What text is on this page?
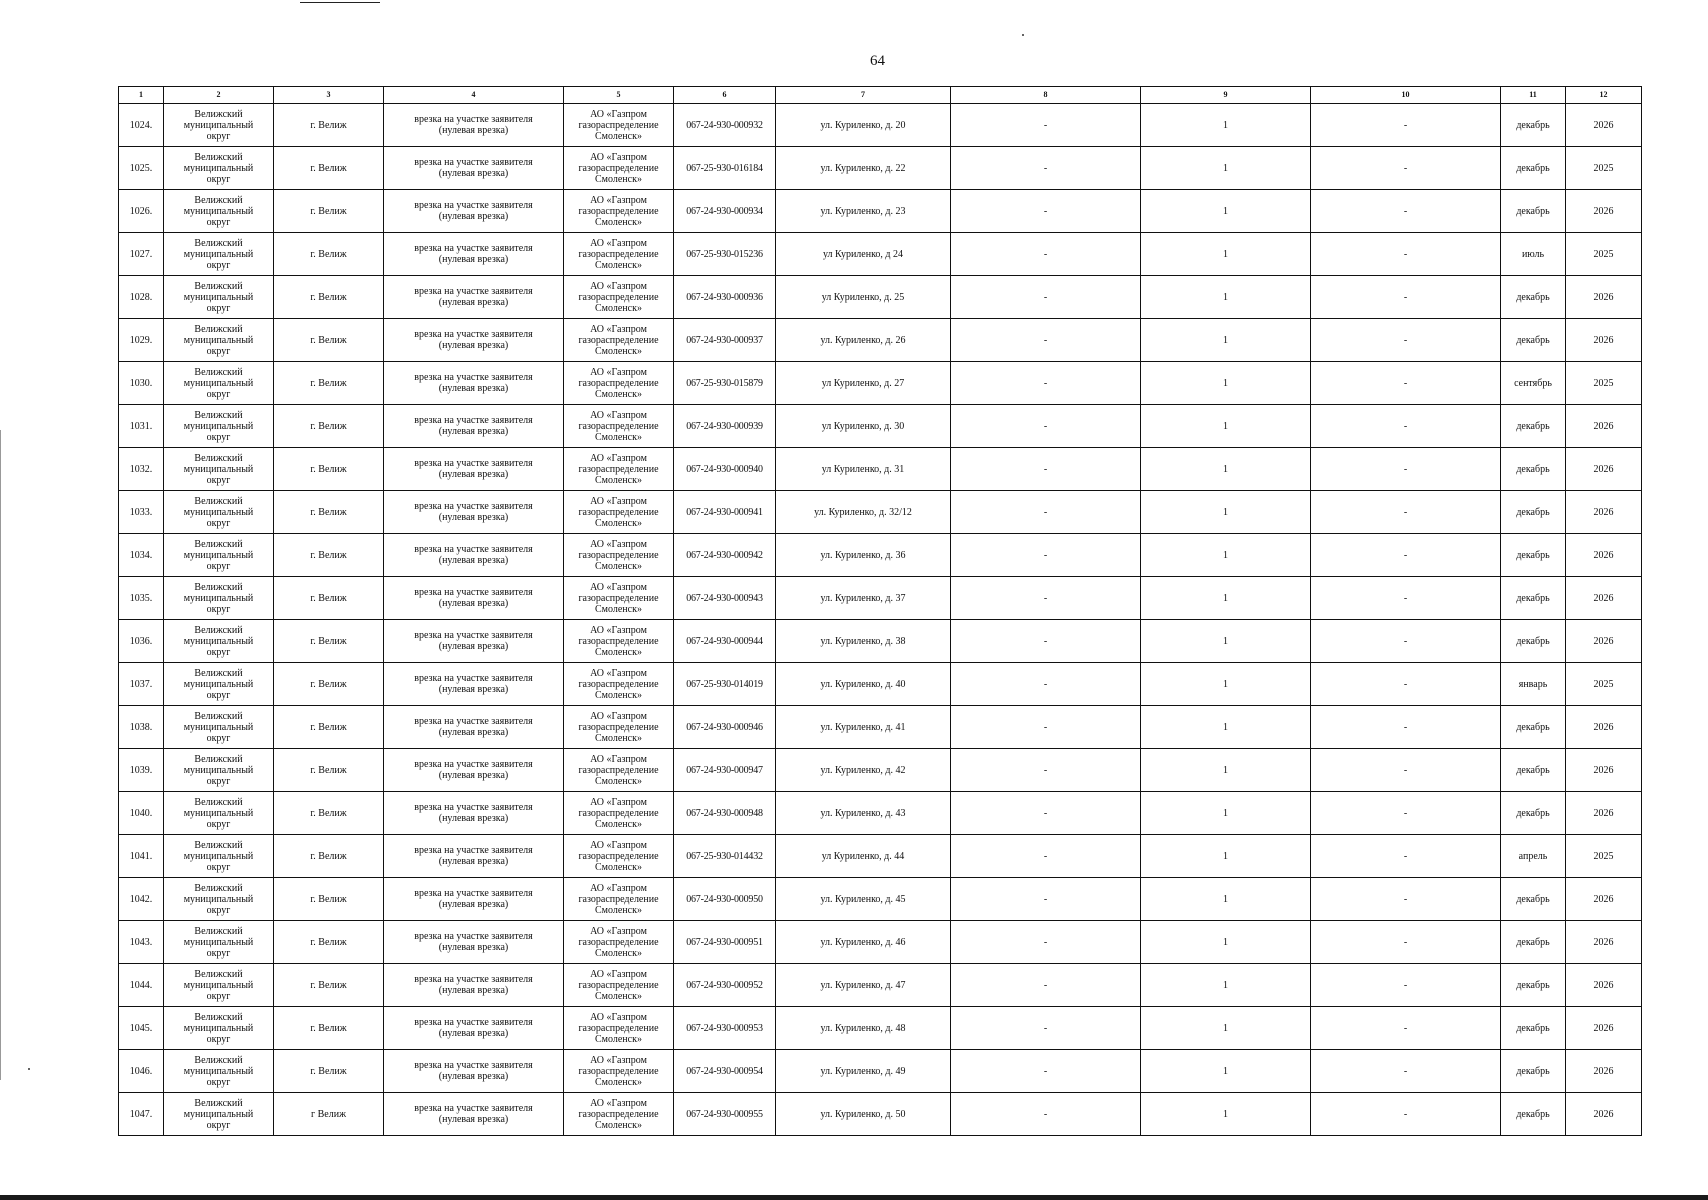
64
1	2	3	4	5	6	7	8	9	10	11	12
1024.	Велижский
муниципальный
округ	г. Велиж	врезка на участке заявителя
(нулевая врезка)	АО «Газпром
газораспределение
Смоленск»	067-24-930-000932	ул. Куриленко, д. 20	-	1	-	декабрь	2026
1025.	Велижский
муниципальный
округ	г. Велиж	врезка на участке заявителя
(нулевая врезка)	АО «Газпром
газораспределение
Смоленск»	067-25-930-016184	ул. Куриленко, д. 22	-	1	-	декабрь	2025
1026.	Велижский
муниципальный
округ	г. Велиж	врезка на участке заявителя
(нулевая врезка)	АО «Газпром
газораспределение
Смоленск»	067-24-930-000934	ул. Куриленко, д. 23	-	1	-	декабрь	2026
1027.	Велижский
муниципальный
округ	г. Велиж	врезка на участке заявителя
(нулевая врезка)	АО «Газпром
газораспределение
Смоленск»	067-25-930-015236	ул Куриленко, д 24	-	1	-	июль	2025
1028.	Велижский
муниципальный
округ	г. Велиж	врезка на участке заявителя
(нулевая врезка)	АО «Газпром
газораспределение
Смоленск»	067-24-930-000936	ул Куриленко, д. 25	-	1	-	декабрь	2026
1029.	Велижский
муниципальный
округ	г. Велиж	врезка на участке заявителя
(нулевая врезка)	АО «Газпром
газораспределение
Смоленск»	067-24-930-000937	ул. Куриленко, д. 26	-	1	-	декабрь	2026
1030.	Велижский
муниципальный
округ	г. Велиж	врезка на участке заявителя
(нулевая врезка)	АО «Газпром
газораспределение
Смоленск»	067-25-930-015879	ул Куриленко, д. 27	-	1	-	сентябрь	2025
1031.	Велижский
муниципальный
округ	г. Велиж	врезка на участке заявителя
(нулевая врезка)	АО «Газпром
газораспределение
Смоленск»	067-24-930-000939	ул Куриленко, д. 30	-	1	-	декабрь	2026
1032.	Велижский
муниципальный
округ	г. Велиж	врезка на участке заявителя
(нулевая врезка)	АО «Газпром
газораспределение
Смоленск»	067-24-930-000940	ул Куриленко, д. 31	-	1	-	декабрь	2026
1033.	Велижский
муниципальный
округ	г. Велиж	врезка на участке заявителя
(нулевая врезка)	АО «Газпром
газораспределение
Смоленск»	067-24-930-000941	ул. Куриленко, д. 32/12	-	1	-	декабрь	2026
1034.	Велижский
муниципальный
округ	г. Велиж	врезка на участке заявителя
(нулевая врезка)	АО «Газпром
газораспределение
Смоленск»	067-24-930-000942	ул. Куриленко, д. 36	-	1	-	декабрь	2026
1035.	Велижский
муниципальный
округ	г. Велиж	врезка на участке заявителя
(нулевая врезка)	АО «Газпром
газораспределение
Смоленск»	067-24-930-000943	ул. Куриленко, д. 37	-	1	-	декабрь	2026
1036.	Велижский
муниципальный
округ	г. Велиж	врезка на участке заявителя
(нулевая врезка)	АО «Газпром
газораспределение
Смоленск»	067-24-930-000944	ул. Куриленко, д. 38	-	1	-	декабрь	2026
1037.	Велижский
муниципальный
округ	г. Велиж	врезка на участке заявителя
(нулевая врезка)	АО «Газпром
газораспределение
Смоленск»	067-25-930-014019	ул. Куриленко, д. 40	-	1	-	январь	2025
1038.	Велижский
муниципальный
округ	г. Велиж	врезка на участке заявителя
(нулевая врезка)	АО «Газпром
газораспределение
Смоленск»	067-24-930-000946	ул. Куриленко, д. 41	-	1	-	декабрь	2026
1039.	Велижский
муниципальный
округ	г. Велиж	врезка на участке заявителя
(нулевая врезка)	АО «Газпром
газораспределение
Смоленск»	067-24-930-000947	ул. Куриленко, д. 42	-	1	-	декабрь	2026
1040.	Велижский
муниципальный
округ	г. Велиж	врезка на участке заявителя
(нулевая врезка)	АО «Газпром
газораспределение
Смоленск»	067-24-930-000948	ул. Куриленко, д. 43	-	1	-	декабрь	2026
1041.	Велижский
муниципальный
округ	г. Велиж	врезка на участке заявителя
(нулевая врезка)	АО «Газпром
газораспределение
Смоленск»	067-25-930-014432	ул Куриленко, д. 44	-	1	-	апрель	2025
1042.	Велижский
муниципальный
округ	г. Велиж	врезка на участке заявителя
(нулевая врезка)	АО «Газпром
газораспределение
Смоленск»	067-24-930-000950	ул. Куриленко, д. 45	-	1	-	декабрь	2026
1043.	Велижский
муниципальный
округ	г. Велиж	врезка на участке заявителя
(нулевая врезка)	АО «Газпром
газораспределение
Смоленск»	067-24-930-000951	ул. Куриленко, д. 46	-	1	-	декабрь	2026
1044.	Велижский
муниципальный
округ	г. Велиж	врезка на участке заявителя
(нулевая врезка)	АО «Газпром
газораспределение
Смоленск»	067-24-930-000952	ул. Куриленко, д. 47	-	1	-	декабрь	2026
1045.	Велижский
муниципальный
округ	г. Велиж	врезка на участке заявителя
(нулевая врезка)	АО «Газпром
газораспределение
Смоленск»	067-24-930-000953	ул. Куриленко, д. 48	-	1	-	декабрь	2026
1046.	Велижский
муниципальный
округ	г. Велиж	врезка на участке заявителя
(нулевая врезка)	АО «Газпром
газораспределение
Смоленск»	067-24-930-000954	ул. Куриленко, д. 49	-	1	-	декабрь	2026
1047.	Велижский
муниципальный
округ	г Велиж	врезка на участке заявителя
(нулевая врезка)	АО «Газпром
газораспределение
Смоленск»	067-24-930-000955	ул. Куриленко, д. 50	-	1	-	декабрь	2026
